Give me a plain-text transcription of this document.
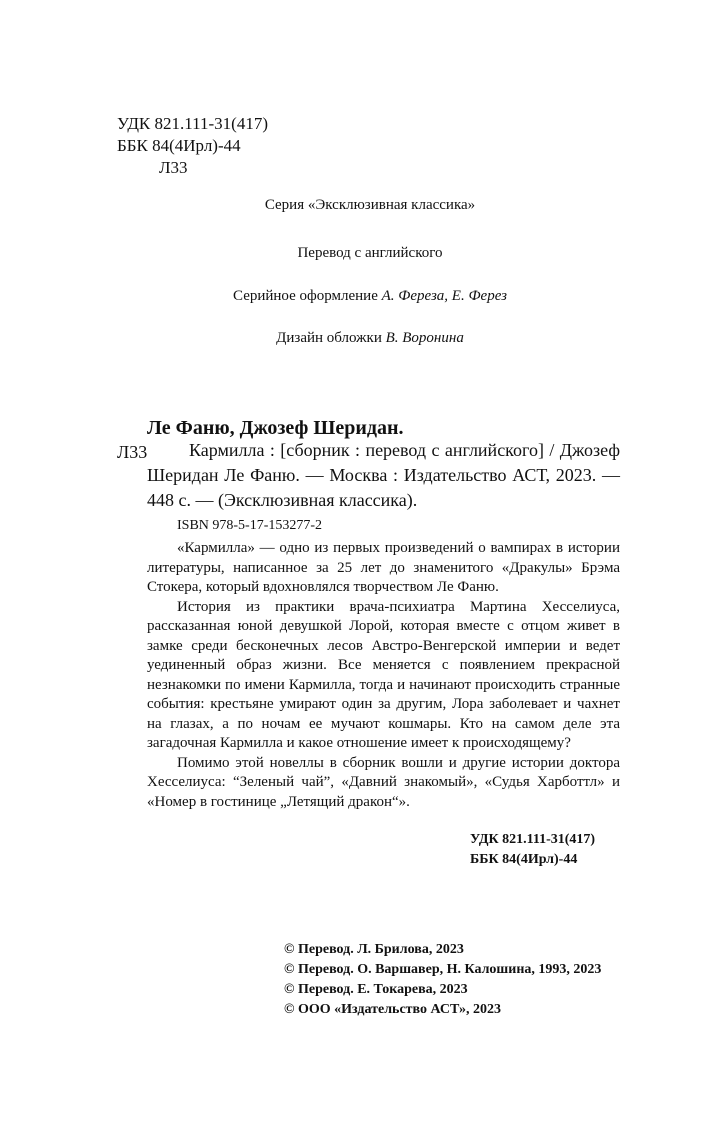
УДК 821.111-31(417)
ББК 84(4Ирл)-44
Л33
Серия «Эксклюзивная классика»
Перевод с английского
Серийное оформление А. Фереза, Е. Ферез
Дизайн обложки В. Воронина
Ле Фаню, Джозеф Шеридан.
Л33	Кармилла : [сборник : перевод с английского] / Джозеф Шеридан Ле Фаню. — Москва : Издательство АСТ, 2023. — 448 с. — (Эксклюзивная классика).

ISBN 978-5-17-153277-2

«Кармилла» — одно из первых произведений о вампирах в истории литературы, написанное за 25 лет до знаменитого «Дракулы» Брэма Стокера, который вдохновлялся творчеством Ле Фаню.

История из практики врача-психиатра Мартина Хесселиуса, рассказанная юной девушкой Лорой, которая вместе с отцом живет в замке среди бесконечных лесов Австро-Венгерской империи и ведет уединенный образ жизни. Все меняется с появлением прекрасной незнакомки по имени Кармилла, тогда и начинают происходить странные события: крестьяне умирают один за другим, Лора заболевает и чахнет на глазах, а по ночам ее мучают кошмары. Кто на самом деле эта загадочная Кармилла и какое отношение имеет к происходящему?

Помимо этой новеллы в сборник вошли и другие истории доктора Хесселиуса: “Зеленый чай”, «Давний знакомый», «Судья Харботтл» и «Номер в гостинице „Летящий дракон“».

УДК 821.111-31(417)
ББК 84(4Ирл)-44
© Перевод. Л. Брилова, 2023
© Перевод. О. Варшавер, Н. Калошина, 1993, 2023
© Перевод. Е. Токарева, 2023
© ООО «Издательство АСТ», 2023
